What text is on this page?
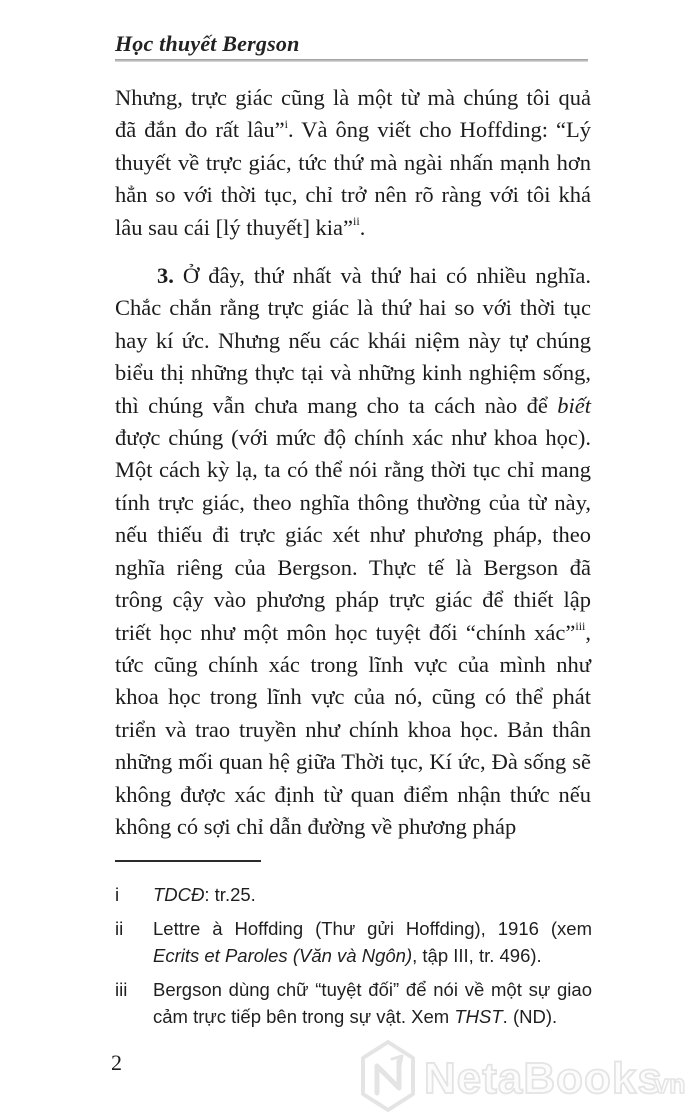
Học thuyết Bergson

Nhưng, trực giác cũng là một từ mà chúng tôi quả đã đắn đo rất lâu”$^i$. Và ông viết cho Hoffding: “Lý thuyết về trực giác, tức thứ mà ngài nhấn mạnh hơn hẳn so với thời tục, chỉ trở nên rõ ràng với tôi khá lâu sau cái [lý thuyết] kia”$^{ii}$.

3. Ở đây, thứ nhất và thứ hai có nhiều nghĩa. Chắc chắn rằng trực giác là thứ hai so với thời tục hay kí ức. Nhưng nếu các khái niệm này tự chúng biểu thị những thực tại và những kinh nghiệm sống, thì chúng vẫn chưa mang cho ta cách nào để biết được chúng (với mức độ chính xác như khoa học). Một cách kỳ lạ, ta có thể nói rằng thời tục chỉ mang tính trực giác, theo nghĩa thông thường của từ này, nếu thiếu đi trực giác xét như phương pháp, theo nghĩa riêng của Bergson. Thực tế là Bergson đã trông cậy vào phương pháp trực giác để thiết lập triết học như một môn học tuyệt đối “chính xác”$^{iii}$, tức cũng chính xác trong lĩnh vực của mình như khoa học trong lĩnh vực của nó, cũng có thể phát triển và trao truyền như chính khoa học. Bản thân những mối quan hệ giữa Thời tục, Kí ức, Đà sống sẽ không được xác định từ quan điểm nhận thức nếu không có sợi chỉ dẫn đường về phương pháp

i	TDCĐ: tr.25.
ii	Lettre à Hoffding (Thư gửi Hoffding), 1916 (xem Ecrits et Paroles (Văn và Ngôn), tập III, tr. 496).
iii	Bergson dùng chữ “tuyệt đối” để nói về một sự giao cảm trực tiếp bên trong sự vật. Xem THST. (ND).
2	NetaBooks
vn
